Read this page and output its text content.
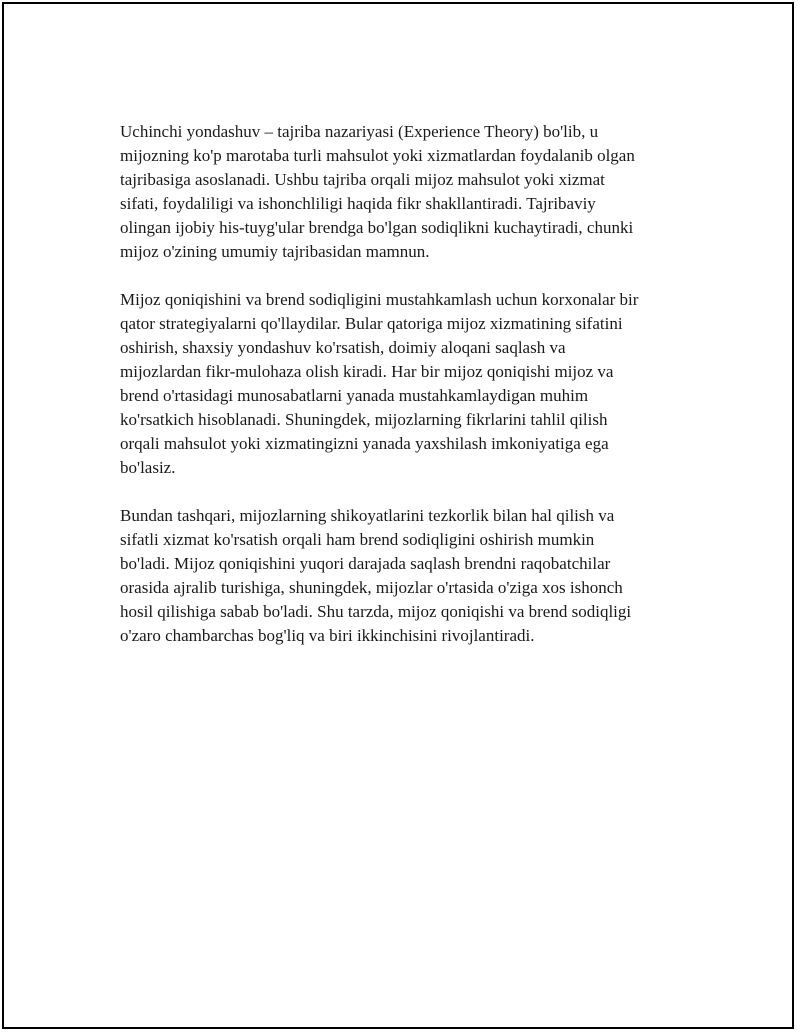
Uchinchi yondashuv – tajriba nazariyasi (Experience Theory) bo'lib, u
mijozning ko'p marotaba turli mahsulot yoki xizmatlardan foydalanib olgan
tajribasiga asoslanadi. Ushbu tajriba orqali mijoz mahsulot yoki xizmat
sifati, foydaliligi va ishonchliligi haqida fikr shakllantiradi. Tajribaviy
olingan ijobiy his-tuyg'ular brendga bo'lgan sodiqlikni kuchaytiradi, chunki
mijoz o'zining umumiy tajribasidan mamnun.

Mijoz qoniqishini va brend sodiqligini mustahkamlash uchun korxonalar bir
qator strategiyalarni qo'llaydilar. Bular qatoriga mijoz xizmatining sifatini
oshirish, shaxsiy yondashuv ko'rsatish, doimiy aloqani saqlash va
mijozlardan fikr-mulohaza olish kiradi. Har bir mijoz qoniqishi mijoz va
brend o'rtasidagi munosabatlarni yanada mustahkamlaydigan muhim
ko'rsatkich hisoblanadi. Shuningdek, mijozlarning fikrlarini tahlil qilish
orqali mahsulot yoki xizmatingizni yanada yaxshilash imkoniyatiga ega
bo'lasiz.

Bundan tashqari, mijozlarning shikoyatlarini tezkorlik bilan hal qilish va
sifatli xizmat ko'rsatish orqali ham brend sodiqligini oshirish mumkin
bo'ladi. Mijoz qoniqishini yuqori darajada saqlash brendni raqobatchilar
orasida ajralib turishiga, shuningdek, mijozlar o'rtasida o'ziga xos ishonch
hosil qilishiga sabab bo'ladi. Shu tarzda, mijoz qoniqishi va brend sodiqligi
o'zaro chambarchas bog'liq va biri ikkinchisini rivojlantiradi.
